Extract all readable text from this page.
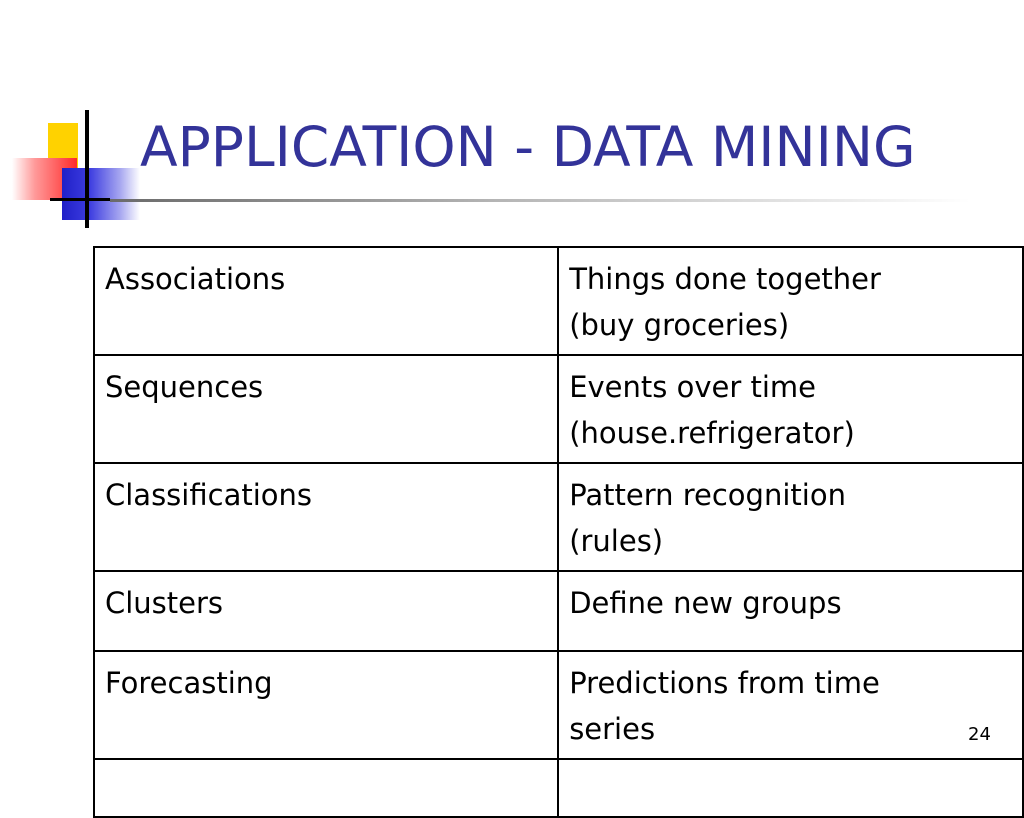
APPLICATION - DATA MINING
Associations	Things done together
(buy groceries)
Sequences	Events over time
(house.refrigerator)
Classifications	Pattern recognition
(rules)
Clusters	Define new groups
Forecasting	Predictions from time
series
		24
